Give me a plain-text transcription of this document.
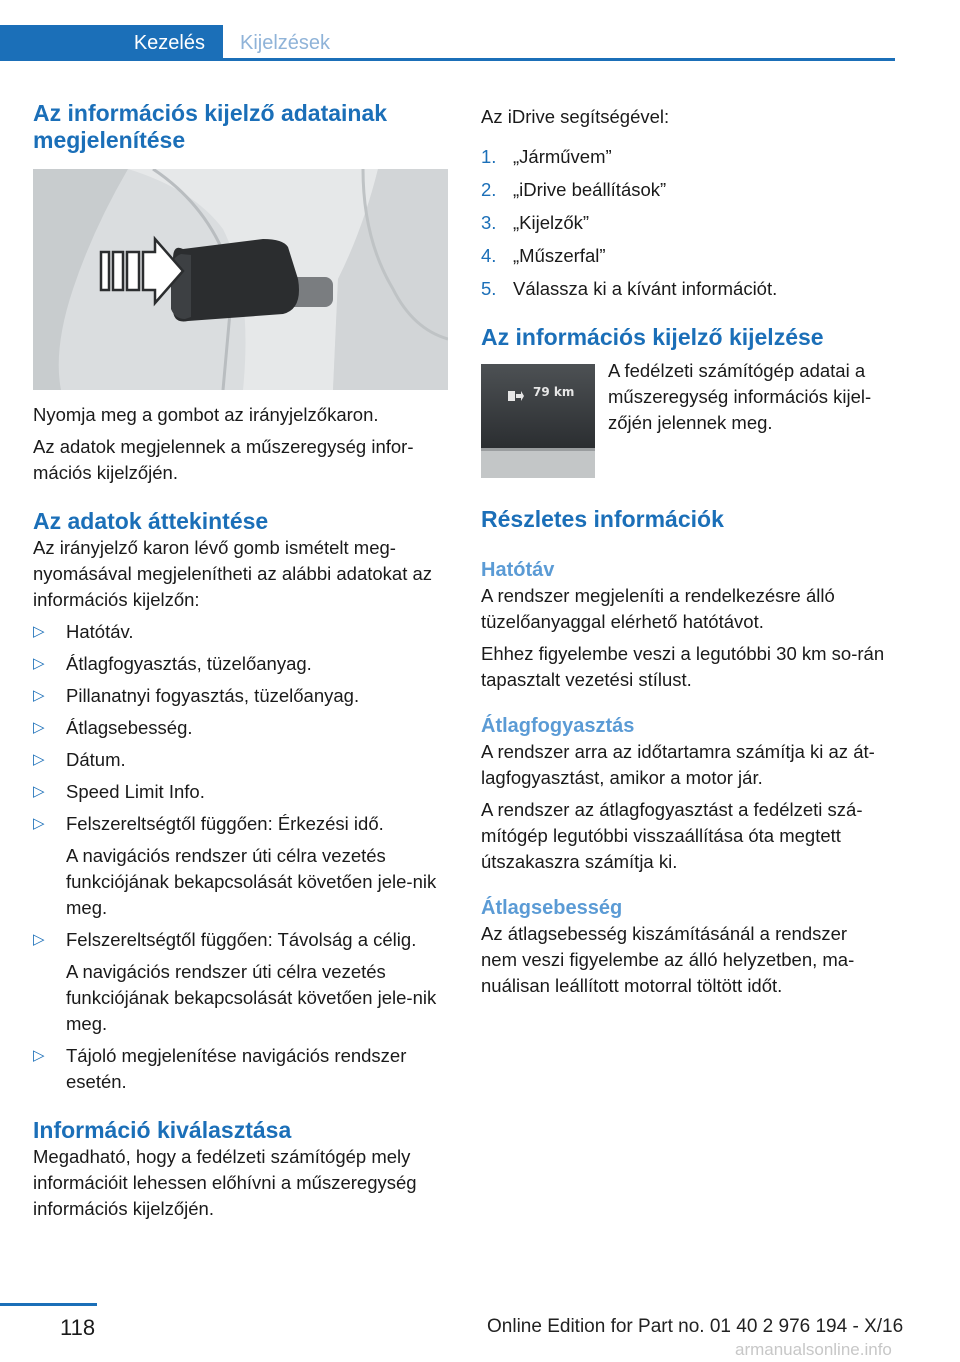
Kezelés	Kijelzések
Az információs kijelző adatainak megjelenítése

Nyomja meg a gombot az irányjelzőkaron.

Az adatok megjelennek a műszeregység infor-mációs kijelzőjén.

Az adatok áttekintése

Az irányjelző karon lévő gomb ismételt meg-nyomásával megjelenítheti az alábbi adatokat az információs kijelzőn:

▷ Hatótáv.
▷ Átlagfogyasztás, tüzelőanyag.
▷ Pillanatnyi fogyasztás, tüzelőanyag.
▷ Átlagsebesség.
▷ Dátum.
▷ Speed Limit Info.
▷ Felszereltségtől függően: Érkezési idő.

A navigációs rendszer úti célra vezetés funkciójának bekapcsolását követően jele-nik meg.

▷ Felszereltségtől függően: Távolság a célig.

A navigációs rendszer úti célra vezetés funkciójának bekapcsolását követően jele-nik meg.

▷ Tájoló megjelenítése navigációs rendszer esetén.
Információ kiválasztása

Megadható, hogy a fedélzeti számítógép mely információit lehessen előhívni a műszeregység információs kijelzőjén.

Az iDrive segítségével:

1. „Járművem”
2. „iDrive beállítások”
3. „Kijelzők”
4. „Műszerfal”
5. Válassza ki a kívánt információt.
Az információs kijelző kijelzése
79 km

A fedélzeti számítógép adatai a műszeregység információs kijel-zőjén jelennek meg.

Részletes információk
Hatótáv

A rendszer megjeleníti a rendelkezésre álló tüzelőanyaggal elérhető hatótávot.

Ehhez figyelembe veszi a legutóbbi 30 km so-rán tapasztalt vezetési stílust.

Átlagfogyasztás

A rendszer arra az időtartamra számítja ki az át-lagfogyasztást, amikor a motor jár.

A rendszer az átlagfogyasztást a fedélzeti szá-mítógép legutóbbi visszaállítása óta megtett útszakaszra számítja ki.

Átlagsebesség

Az átlagsebesség kiszámításánál a rendszer nem veszi figyelembe az álló helyzetben, ma-nuálisan leállított motorral töltött időt.

118	Online Edition for Part no. 01 40 2 976 194 - X/16
armanualsonline.info
